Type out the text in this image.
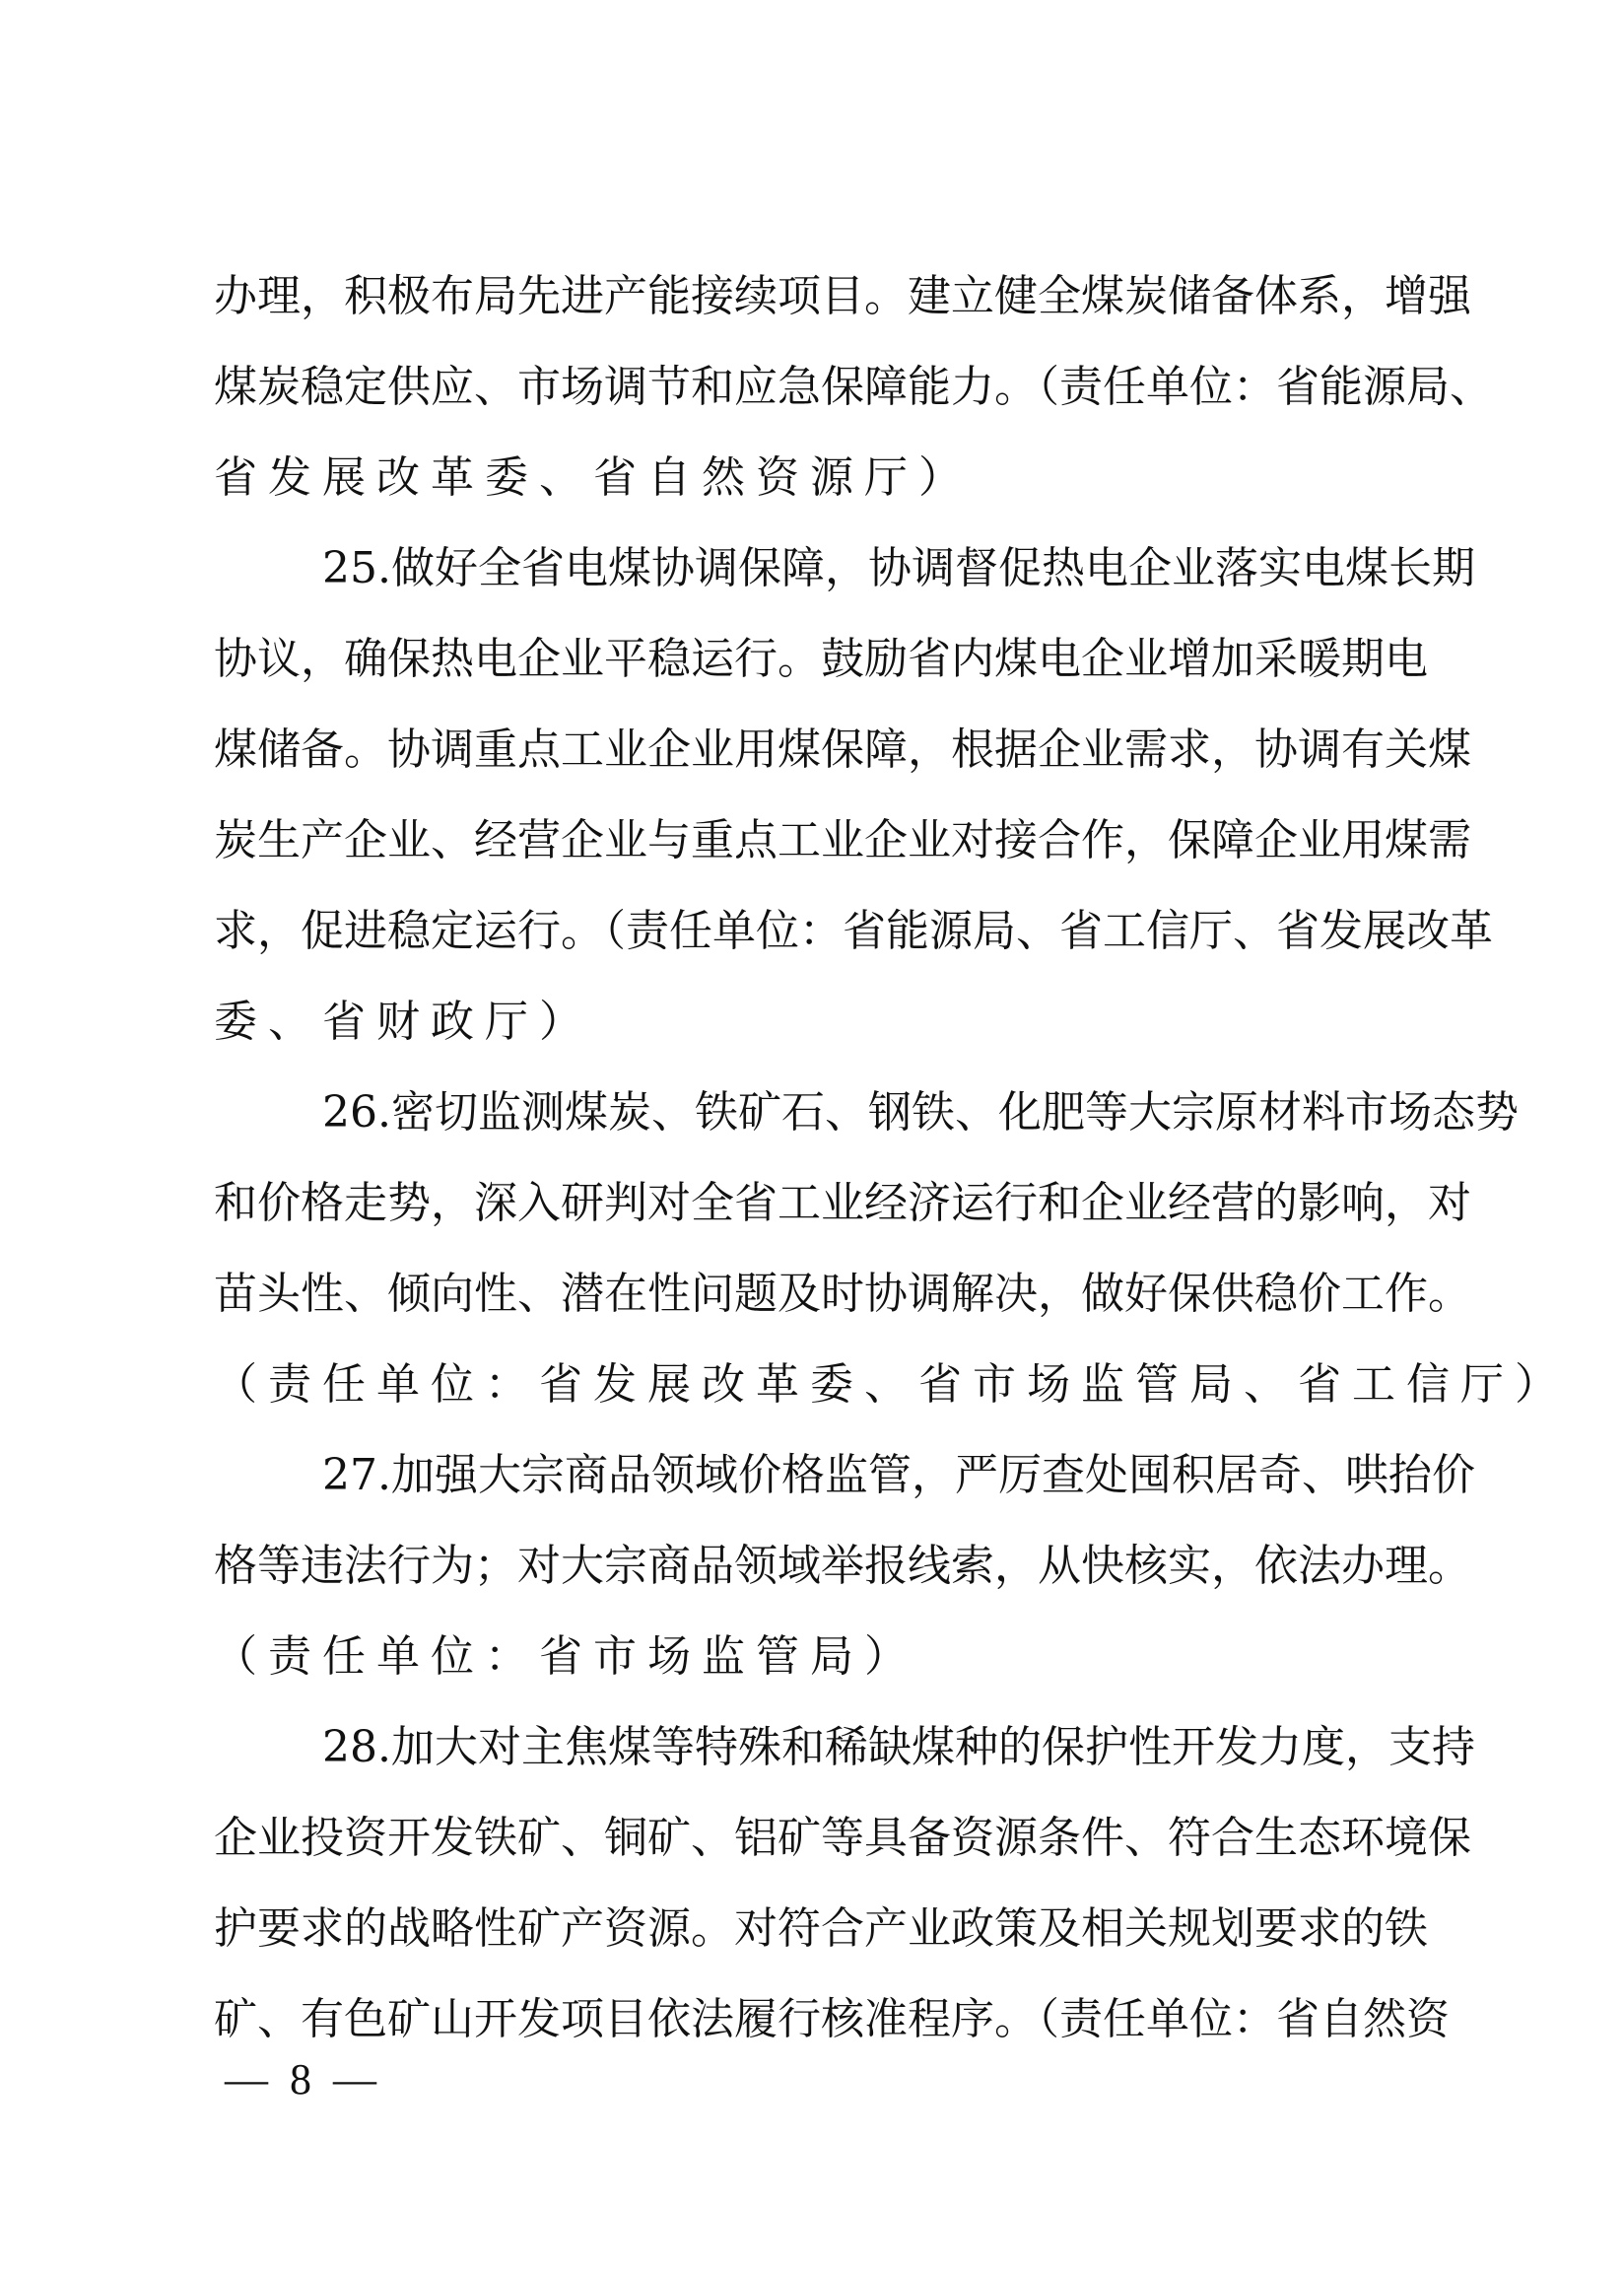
办理，积极布局先进产能接续项目。建立健全煤炭储备体系，增强
煤炭稳定供应、市场调节和应急保障能力。（责任单位：省能源局、
省发展改革委、省自然资源厅）
25.做好全省电煤协调保障，协调督促热电企业落实电煤长期
协议，确保热电企业平稳运行。鼓励省内煤电企业增加采暖期电
煤储备。协调重点工业企业用煤保障，根据企业需求，协调有关煤
炭生产企业、经营企业与重点工业企业对接合作，保障企业用煤需
求，促进稳定运行。（责任单位：省能源局、省工信厅、省发展改革
委、省财政厅）
26.密切监测煤炭、铁矿石、钢铁、化肥等大宗原材料市场态势
和价格走势，深入研判对全省工业经济运行和企业经营的影响，对
苗头性、倾向性、潜在性问题及时协调解决，做好保供稳价工作。
（责任单位：省发展改革委、省市场监管局、省工信厅）
27.加强大宗商品领域价格监管，严厉查处囤积居奇、哄抬价
格等违法行为；对大宗商品领域举报线索，从快核实，依法办理。
（责任单位：省市场监管局）
28.加大对主焦煤等特殊和稀缺煤种的保护性开发力度，支持
企业投资开发铁矿、铜矿、铝矿等具备资源条件、符合生态环境保
护要求的战略性矿产资源。对符合产业政策及相关规划要求的铁
矿、有色矿山开发项目依法履行核准程序。（责任单位：省自然资
—  8  —
